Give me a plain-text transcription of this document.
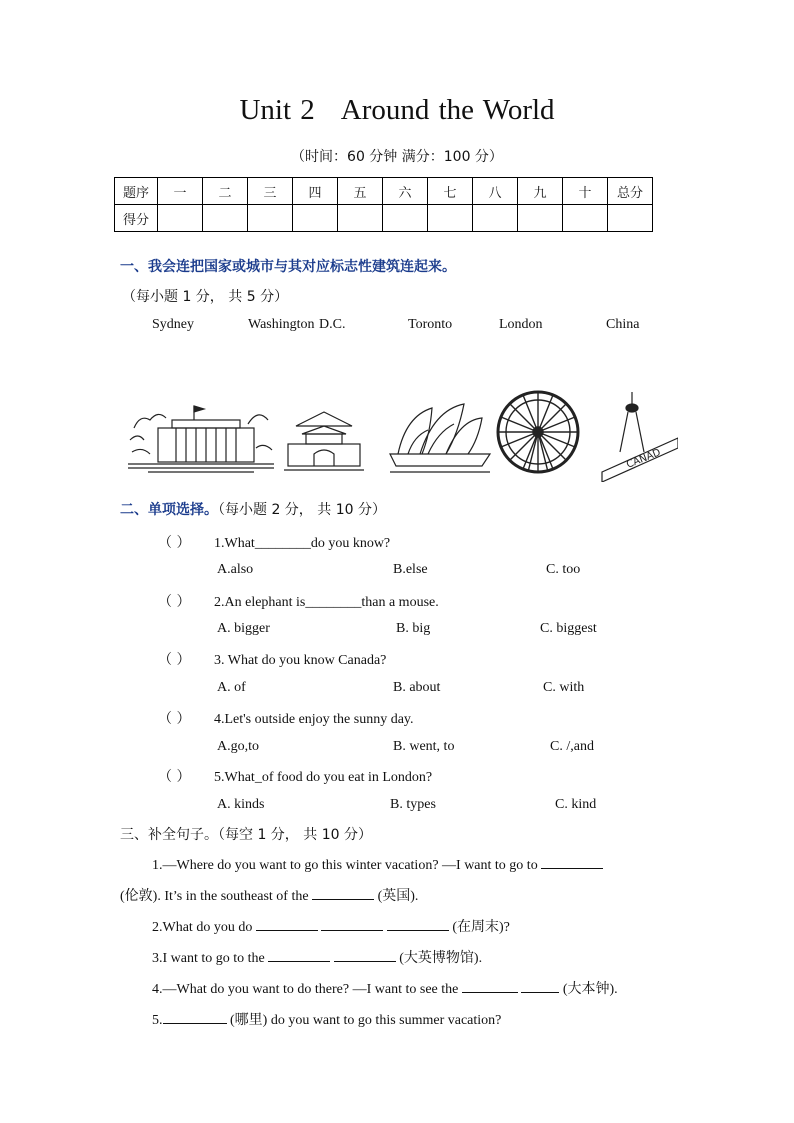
Unit 2 Around the World
（时间：60 分钟 满分：100 分）
题序	一	二	三	四	五	六	七	八	九	十	总分
得分											
一、我会连把国家或城市与其对应标志性建筑连起来。
（每小题 1 分， 共 5 分）
Sydney	Washington D.C.	Toronto	London	China
CANAD
二、单项选择。（每小题 2 分， 共 10 分）
（ ） 1.What________do you know?
A.also	B.else	C. too
（ ） 2.An elephant is________than a mouse.
A. bigger	B. big	C. biggest
（ ） 3. What do you know Canada?
A. of	B. about	C. with
（ ） 4.Let's outside enjoy the sunny day.
A.go,to	B. went, to	C. /,and
（ ） 5.What_of food do you eat in London?
A. kinds	B. types	C. kind
三、补全句子。（每空 1 分， 共 10 分）
1.—Where do you want to go this winter vacation? —I want to go to
(伦敦). It’s in the southeast of the	(英国).
2.What do you do	(在周末)?
3.I want to go to the	(大英博物馆).
4.—What do you want to do there? —I want to see the	(大本钟).
5.	(哪里) do you want to go this summer vacation?
